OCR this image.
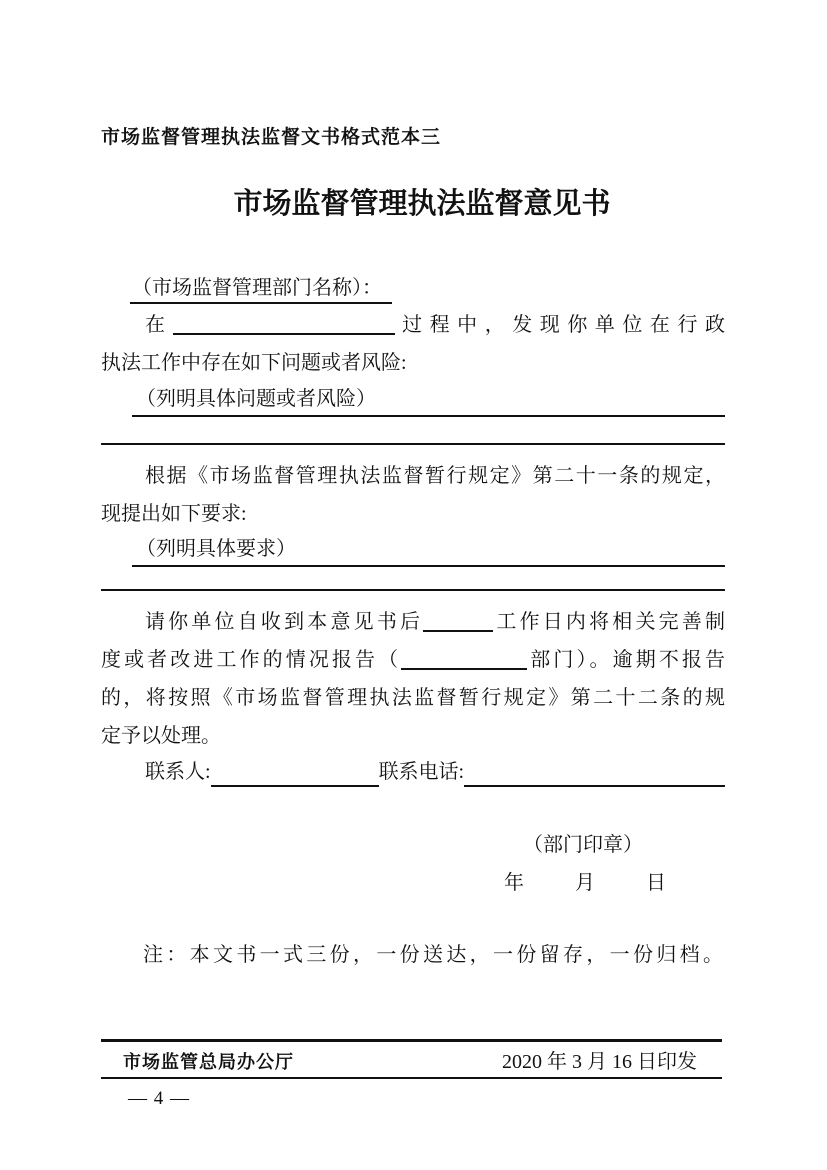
市场监督管理执法监督文书格式范本三
市场监督管理执法监督意见书
（市场监督管理部门名称）：
在	过程中，发现你单位在行政
执法工作中存在如下问题或者风险:
（列明具体问题或者风险）
根据《市场监督管理执法监督暂行规定》第二十一条的规定，
现提出如下要求:
（列明具体要求）
请你单位自收到本意见书后	工作日内将相关完善制
度或者改进工作的情况报告（	部门）。逾期不报告
的，将按照《市场监督管理执法监督暂行规定》第二十二条的规
定予以处理。
联系人:	联系电话:
（部门印章）
年	月	日
注：本文书一式三份，一份送达，一份留存，一份归档。
市场监管总局办公厅	2020 年 3 月 16 日印发
— 4 —
